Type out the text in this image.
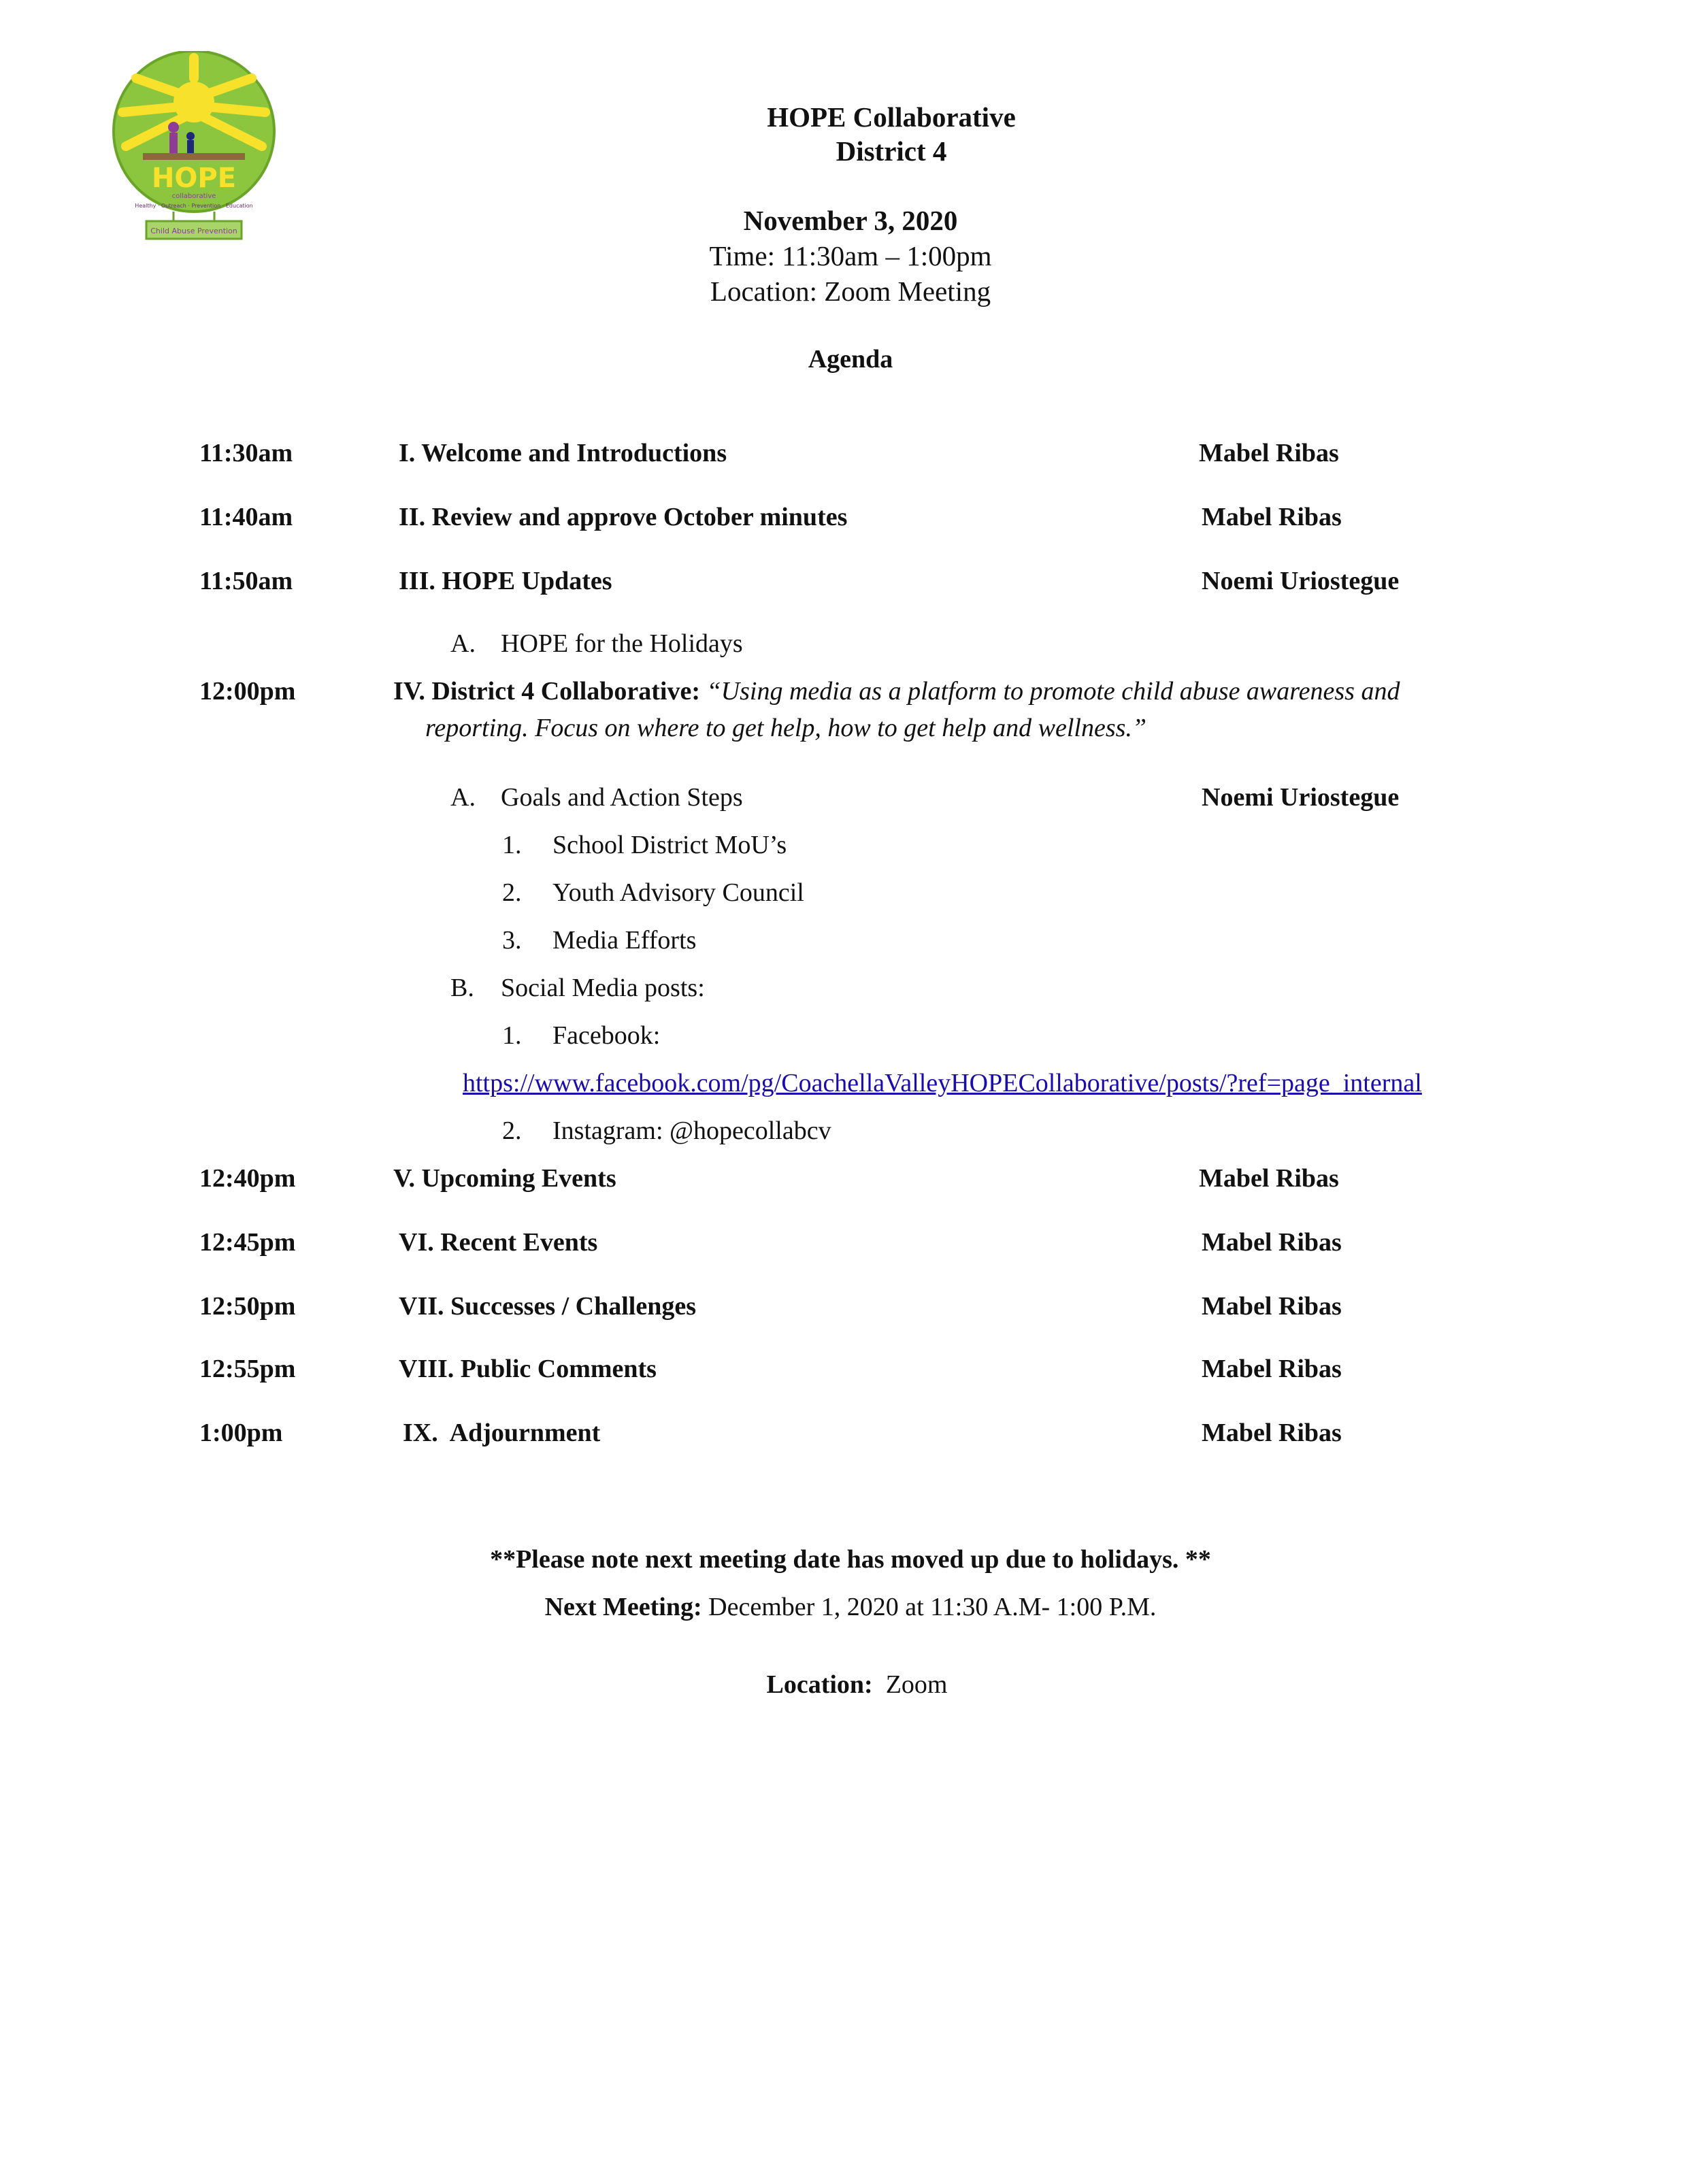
HOPE
collaborative
Healthy · Outreach · Prevention · Education
Child Abuse Prevention
HOPE Collaborative
District 4
November 3, 2020
Time: 11:30am – 1:00pm
Location: Zoom Meeting
Agenda
11:30am	I. Welcome and Introductions	Mabel Ribas
11:40am	II. Review and approve October minutes	Mabel Ribas
11:50am	III. HOPE Updates	Noemi Uriostegue
A. HOPE for the Holidays
12:00pm	IV. District 4 Collaborative: “Using media as a platform to promote child abuse awareness and
reporting. Focus on where to get help, how to get help and wellness.”
A. Goals and Action Steps	Noemi Uriostegue
1. School District MoU’s
2. Youth Advisory Council
3. Media Efforts
B. Social Media posts:
1. Facebook:
https://www.facebook.com/pg/CoachellaValleyHOPECollaborative/posts/?ref=page_internal
2. Instagram: @hopecollabcv
12:40pm	V. Upcoming Events	Mabel Ribas
12:45pm	VI. Recent Events	Mabel Ribas
12:50pm	VII. Successes / Challenges	Mabel Ribas
12:55pm	VIII. Public Comments	Mabel Ribas
1:00pm	IX.  Adjournment	Mabel Ribas
**Please note next meeting date has moved up due to holidays. **
Next Meeting: December 1, 2020 at 11:30 A.M- 1:00 P.M.

Location:  Zoom
